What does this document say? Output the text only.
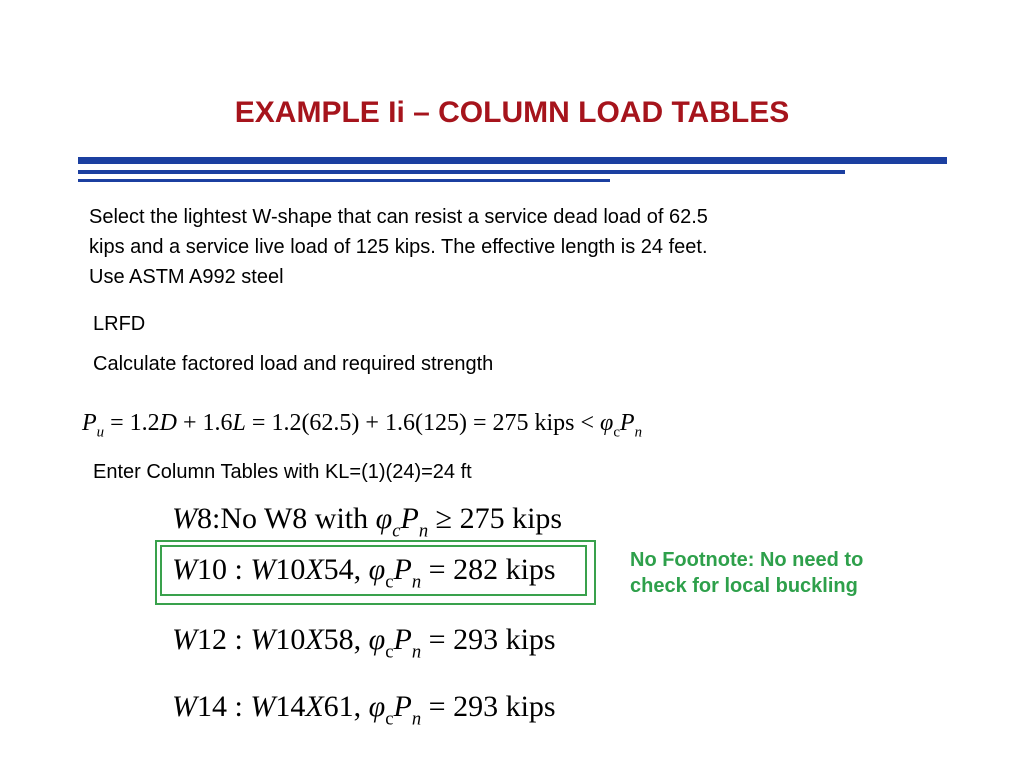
EXAMPLE Ii – COLUMN LOAD TABLES
Select the lightest W-shape that can resist a service dead load of 62.5
kips and a service live load of 125 kips. The effective length is 24 feet.
Use ASTM A992 steel
LRFD
Calculate factored load and required strength
$P_u = 1.2D + 1.6L = 1.2(62.5) + 1.6(125) = 275$ kips < $\varphi_cP_n$
Enter Column Tables with KL=(1)(24)=24 ft
W8:No W8 with $\varphi_cP_n \ge 275$ kips
W10 : W10X54, $\varphi_cP_n = 282$ kips	No Footnote: No need to
check for local buckling
W12 : W10X58, $\varphi_cP_n = 293$ kips
W14 : W14X61, $\varphi_cP_n = 293$ kips
